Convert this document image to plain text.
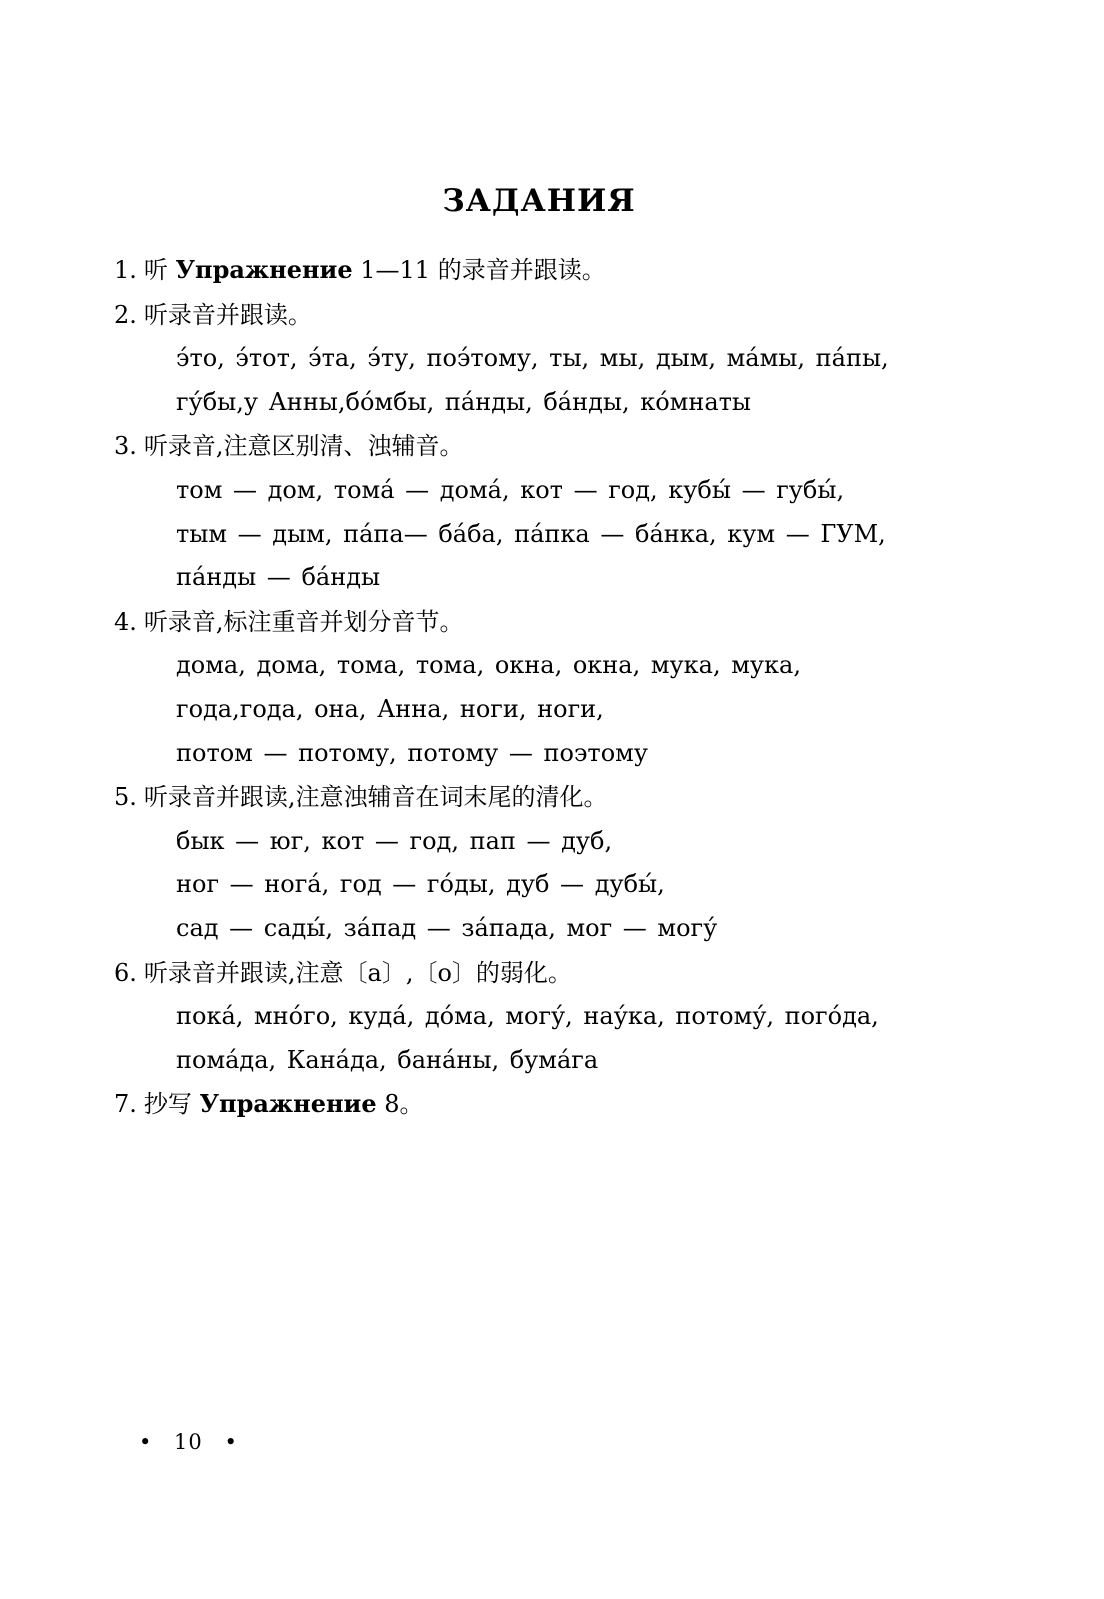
ЗАДАНИЯ
1. 听 Упражнение 1—11 的录音并跟读。
2. 听录音并跟读。
э́то, э́тот, э́та, э́ту, поэ́тому, ты, мы, дым, ма́мы, па́пы,
гу́бы,у Анны,бо́мбы, па́нды, ба́нды, ко́мнаты
3. 听录音,注意区别清、浊辅音。
том — дом, тома́ — дома́, кот — год, кубы́ — губы́,
тым — дым, па́па— ба́ба, па́пка — ба́нка, кум — ГУМ,
па́нды — ба́нды
4. 听录音,标注重音并划分音节。
дома, дома, тома, тома, окна, окна, мука, мука,
года,года, она, Анна, ноги, ноги,
потом — потому, потому — поэтому
5. 听录音并跟读,注意浊辅音在词末尾的清化。
бык — юг, кот — год, пап — дуб,
ног — нога́, год — го́ды, дуб — дубы́,
сад — сады́, за́пад — за́пада, мог — могу́
6. 听录音并跟读,注意〔a〕,〔o〕的弱化。
пока́, мно́го, куда́, до́ма, могу́, нау́ка, потому́, пого́да,
пома́да, Кана́да, бана́ны, бума́га
7. 抄写 Упражнение 8。
• 10 •
